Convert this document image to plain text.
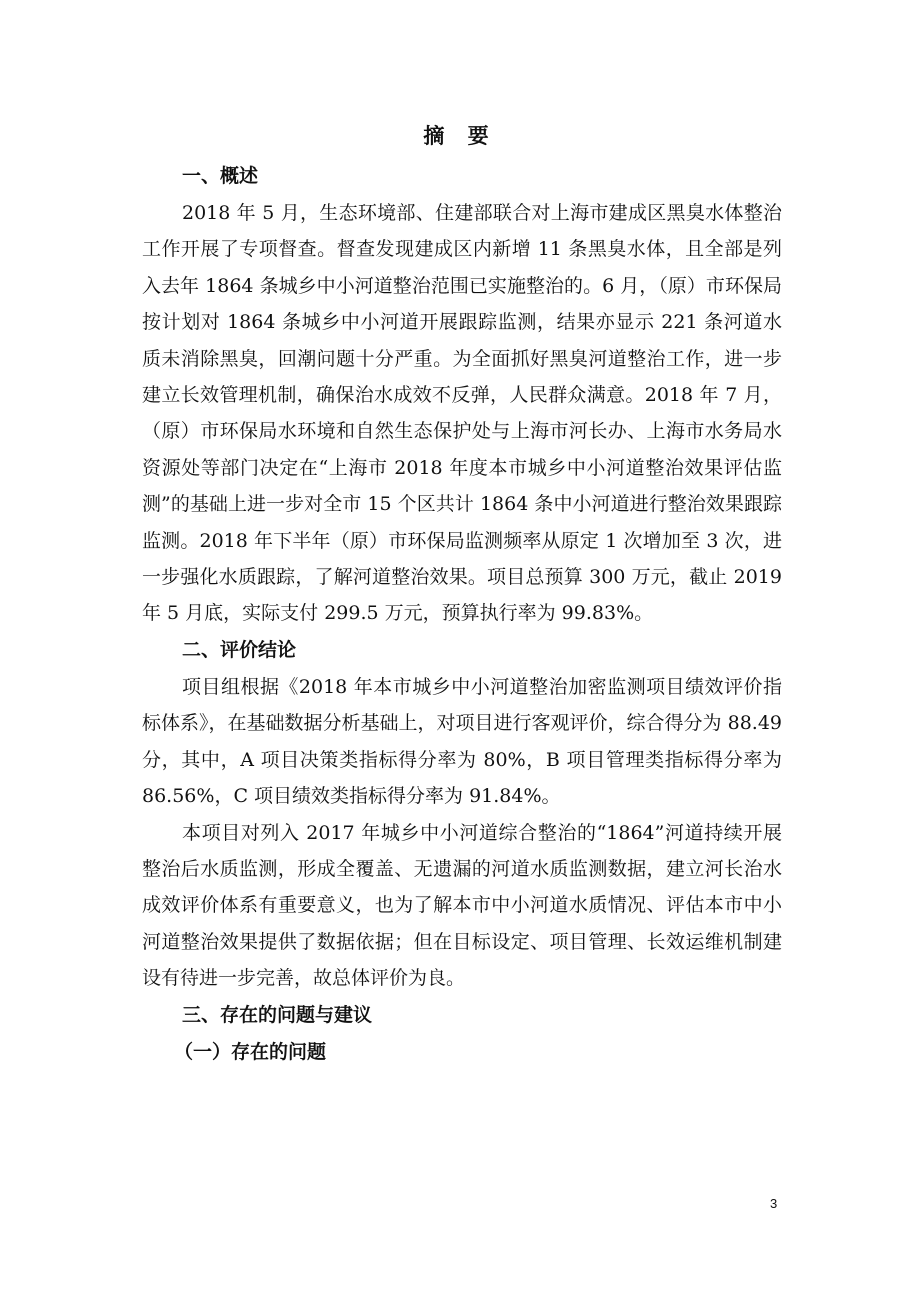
摘 要
一、概述

2018 年 5 月，生态环境部、住建部联合对上海市建成区黑臭水体整治工作开展了专项督查。督查发现建成区内新增 11 条黑臭水体，且全部是列入去年 1864 条城乡中小河道整治范围已实施整治的。6 月，（原）市环保局按计划对 1864 条城乡中小河道开展跟踪监测，结果亦显示 221 条河道水质未消除黑臭，回潮问题十分严重。为全面抓好黑臭河道整治工作，进一步建立长效管理机制，确保治水成效不反弹，人民群众满意。2018 年 7 月，（原）市环保局水环境和自然生态保护处与上海市河长办、上海市水务局水资源处等部门决定在“上海市 2018 年度本市城乡中小河道整治效果评估监测”的基础上进一步对全市 15 个区共计 1864 条中小河道进行整治效果跟踪监测。2018 年下半年（原）市环保局监测频率从原定 1 次增加至 3 次，进一步强化水质跟踪，了解河道整治效果。项目总预算 300 万元，截止 2019 年 5 月底，实际支付 299.5 万元，预算执行率为 99.83%。

二、评价结论

项目组根据《2018 年本市城乡中小河道整治加密监测项目绩效评价指标体系》，在基础数据分析基础上，对项目进行客观评价，综合得分为 88.49 分，其中，A 项目决策类指标得分率为 80%，B 项目管理类指标得分率为 86.56%，C 项目绩效类指标得分率为 91.84%。

本项目对列入 2017 年城乡中小河道综合整治的“1864”河道持续开展整治后水质监测，形成全覆盖、无遗漏的河道水质监测数据，建立河长治水成效评价体系有重要意义，也为了解本市中小河道水质情况、评估本市中小河道整治效果提供了数据依据；但在目标设定、项目管理、长效运维机制建设有待进一步完善，故总体评价为良。

三、存在的问题与建议
（一）存在的问题
3
